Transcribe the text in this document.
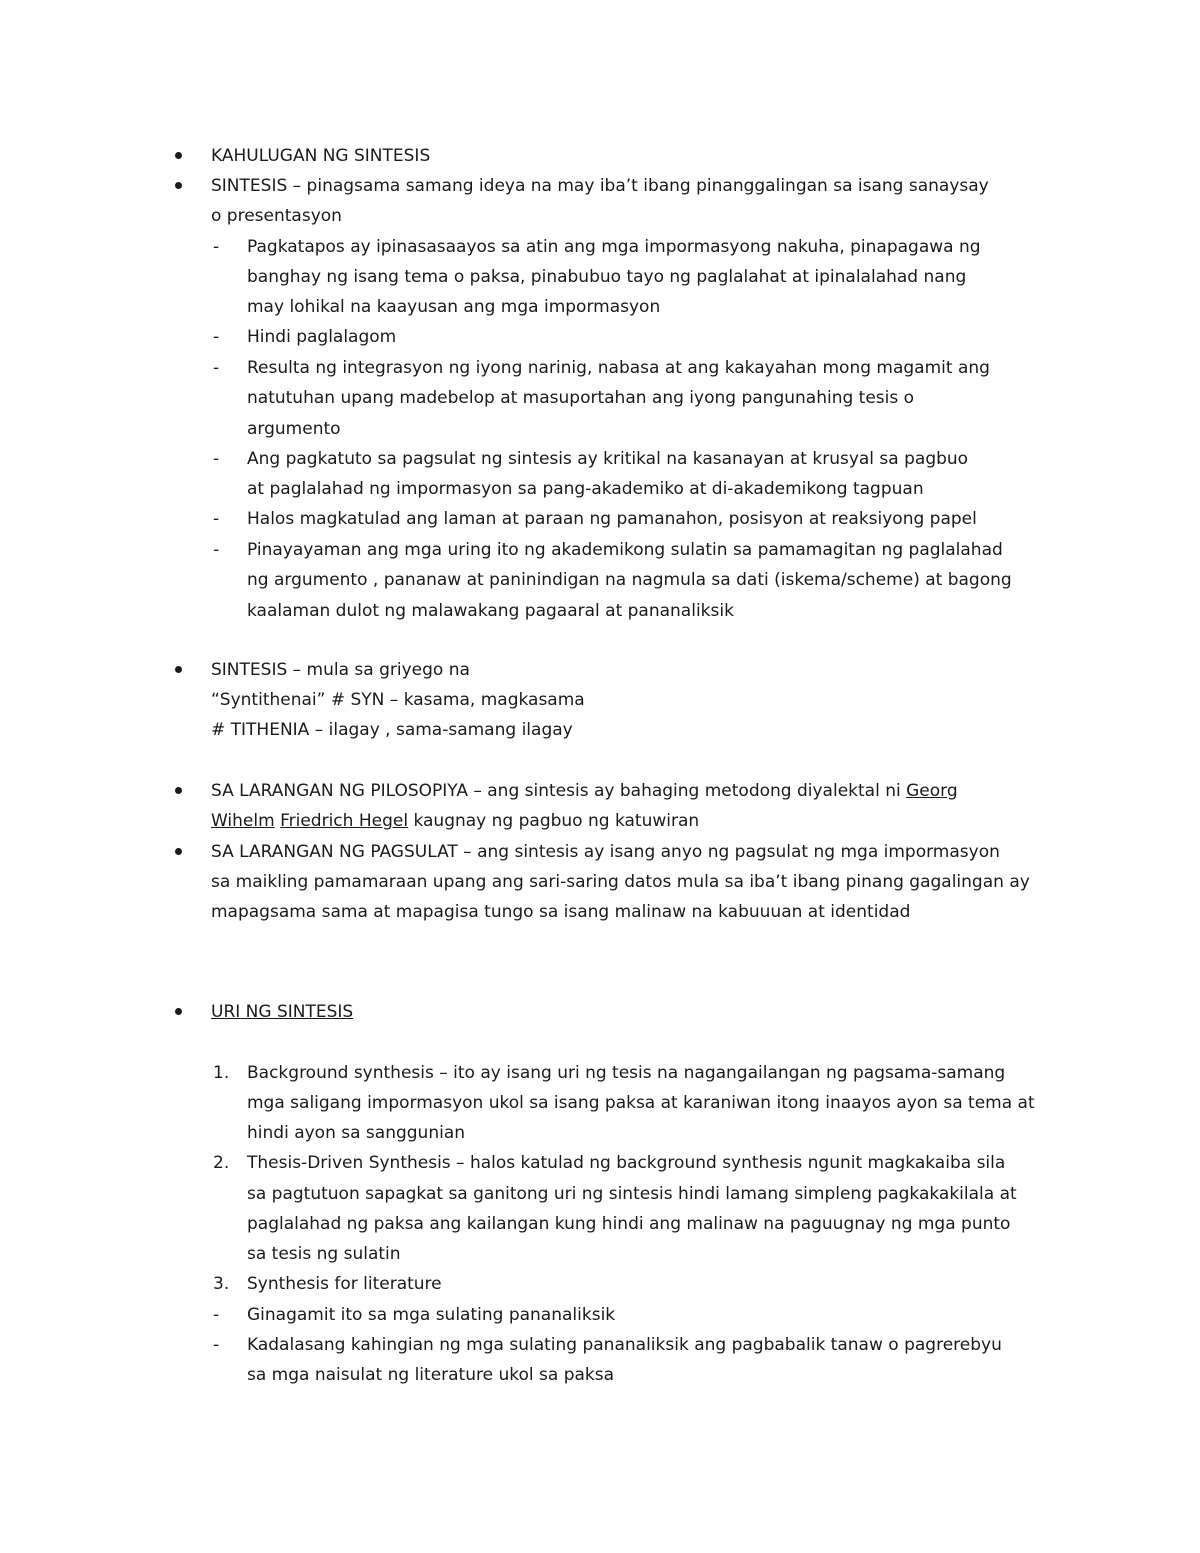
KAHULUGAN NG SINTESIS
SINTESIS – pinagsama samang ideya na may iba’t ibang pinanggalingan sa isang sanaysay
o presentasyon
- Pagkatapos ay ipinasasaayos sa atin ang mga impormasyong nakuha, pinapagawa ng
banghay ng isang tema o paksa, pinabubuo tayo ng paglalahat at ipinalalahad nang
may lohikal na kaayusan ang mga impormasyon
- Hindi paglalagom
- Resulta ng integrasyon ng iyong narinig, nabasa at ang kakayahan mong magamit ang
natutuhan upang madebelop at masuportahan ang iyong pangunahing tesis o
argumento
- Ang pagkatuto sa pagsulat ng sintesis ay kritikal na kasanayan at krusyal sa pagbuo
at paglalahad ng impormasyon sa pang-akademiko at di-akademikong tagpuan
- Halos magkatulad ang laman at paraan ng pamanahon, posisyon at reaksiyong papel
- Pinayayaman ang mga uring ito ng akademikong sulatin sa pamamagitan ng paglalahad
ng argumento , pananaw at paninindigan na nagmula sa dati (iskema/scheme) at bagong
kaalaman dulot ng malawakang pagaaral at pananaliksik
SINTESIS – mula sa griyego na
“Syntithenai” # SYN – kasama, magkasama
# TITHENIA – ilagay , sama-samang ilagay
SA LARANGAN NG PILOSOPIYA – ang sintesis ay bahaging metodong diyalektal ni Georg
Wihelm Friedrich Hegel kaugnay ng pagbuo ng katuwiran
SA LARANGAN NG PAGSULAT – ang sintesis ay isang anyo ng pagsulat ng mga impormasyon
sa maikling pamamaraan upang ang sari-saring datos mula sa iba’t ibang pinang gagalingan ay
mapagsama sama at mapagisa tungo sa isang malinaw na kabuuuan at identidad
URI NG SINTESIS
1. Background synthesis – ito ay isang uri ng tesis na nagangailangan ng pagsama-samang
mga saligang impormasyon ukol sa isang paksa at karaniwan itong inaayos ayon sa tema at
hindi ayon sa sanggunian
2. Thesis-Driven Synthesis – halos katulad ng background synthesis ngunit magkakaiba sila
sa pagtutuon sapagkat sa ganitong uri ng sintesis hindi lamang simpleng pagkakakilala at
paglalahad ng paksa ang kailangan kung hindi ang malinaw na paguugnay ng mga punto
sa tesis ng sulatin
3. Synthesis for literature
- Ginagamit ito sa mga sulating pananaliksik
- Kadalasang kahingian ng mga sulating pananaliksik ang pagbabalik tanaw o pagrerebyu
sa mga naisulat ng literature ukol sa paksa
